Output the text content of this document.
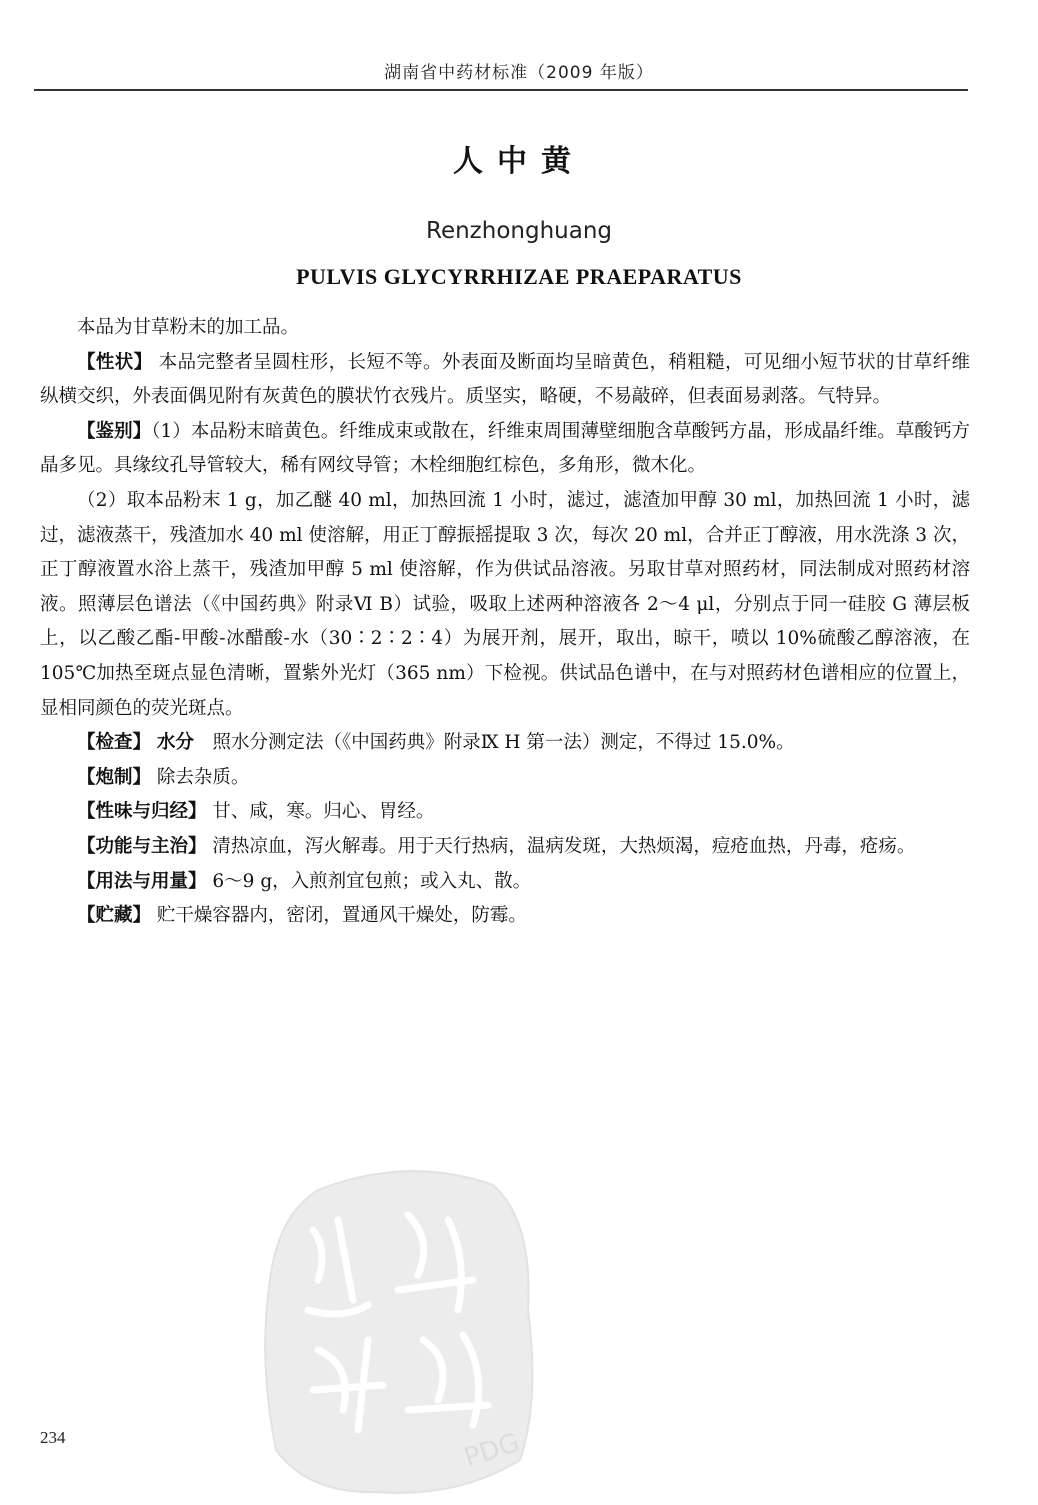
湖南省中药材标准（2009 年版）
人中黄
Renzhonghuang
PULVIS GLYCYRRHIZAE PRAEPARATUS

本品为甘草粉末的加工品。

【性状】 本品完整者呈圆柱形，长短不等。外表面及断面均呈暗黄色，稍粗糙，可见细小短节状的甘草纤维纵横交织，外表面偶见附有灰黄色的膜状竹衣残片。质坚实，略硬，不易敲碎，但表面易剥落。气特异。

【鉴别】（1）本品粉末暗黄色。纤维成束或散在，纤维束周围薄壁细胞含草酸钙方晶，形成晶纤维。草酸钙方晶多见。具缘纹孔导管较大，稀有网纹导管；木栓细胞红棕色，多角形，微木化。

（2）取本品粉末 1 g，加乙醚 40 ml，加热回流 1 小时，滤过，滤渣加甲醇 30 ml，加热回流 1 小时，滤过，滤液蒸干，残渣加水 40 ml 使溶解，用正丁醇振摇提取 3 次，每次 20 ml，合并正丁醇液，用水洗涤 3 次，正丁醇液置水浴上蒸干，残渣加甲醇 5 ml 使溶解，作为供试品溶液。另取甘草对照药材，同法制成对照药材溶液。照薄层色谱法（《中国药典》附录Ⅵ B）试验，吸取上述两种溶液各 2～4 μl，分别点于同一硅胶 G 薄层板上，以乙酸乙酯-甲酸-冰醋酸-水（30∶2∶2∶4）为展开剂，展开，取出，晾干，喷以 10%硫酸乙醇溶液，在 105℃加热至斑点显色清晰，置紫外光灯（365 nm）下检视。供试品色谱中，在与对照药材色谱相应的位置上，显相同颜色的荧光斑点。

【检查】 水分　 照水分测定法（《中国药典》附录Ⅸ H 第一法）测定，不得过 15.0%。

【炮制】 除去杂质。

【性味与归经】 甘、咸，寒。归心、胃经。

【功能与主治】 清热凉血，泻火解毒。用于天行热病，温病发斑，大热烦渴，痘疮血热，丹毒，疮疡。

【用法与用量】 6～9 g，入煎剂宜包煎；或入丸、散。

【贮藏】 贮干燥容器内，密闭，置通风干燥处，防霉。

PDG
234
